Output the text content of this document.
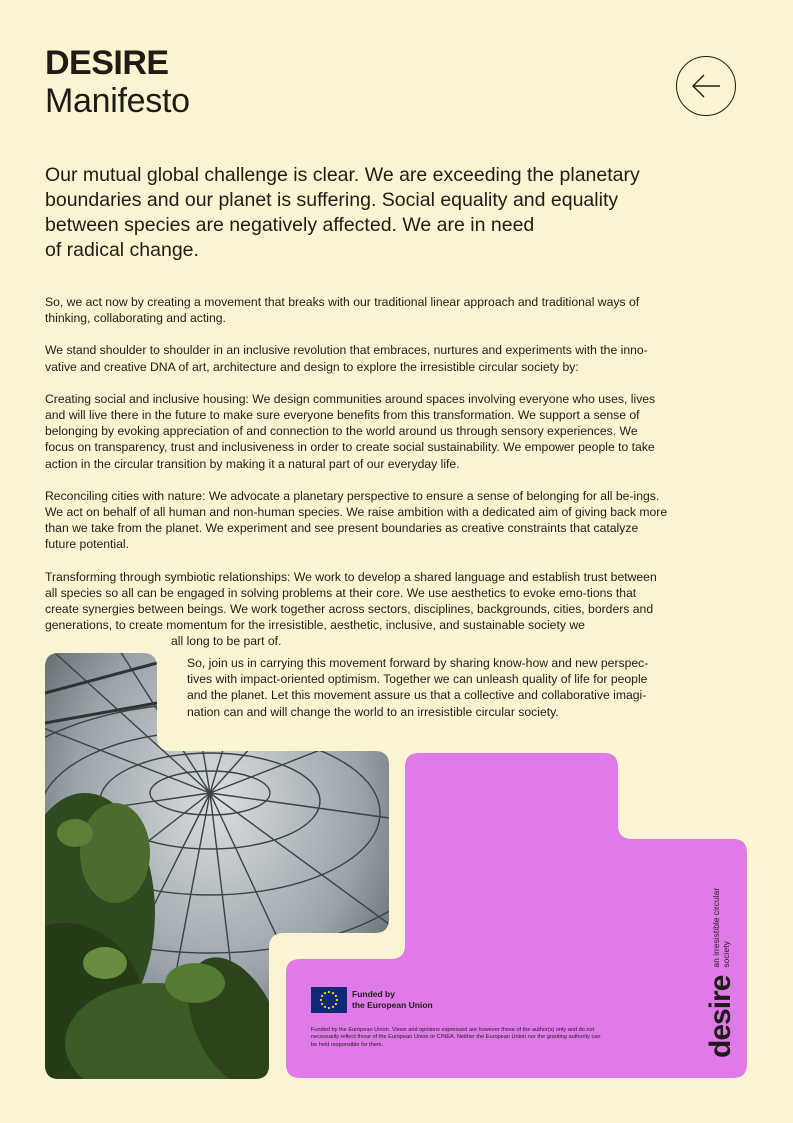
DESIRE
Manifesto

Our mutual global challenge is clear. We are exceeding the planetary
boundaries and our planet is suffering. Social equality and equality
between species are negatively affected. We are in need
of radical change.

So, we act now by creating a movement that breaks with our traditional linear approach and traditional ways of thinking, collaborating and acting.

We stand shoulder to shoulder in an inclusive revolution that embraces, nurtures and experiments with the inno-vative and creative DNA of art, architecture and design to explore the irresistible circular society by:

Creating social and inclusive housing: We design communities around spaces involving everyone who uses, lives and will live there in the future to make sure everyone benefits from this transformation. We support a sense of belonging by evoking appreciation of and connection to the world around us through sensory experiences. We focus on transparency, trust and inclusiveness in order to create social sustainability. We empower people to take action in the circular transition by making it a natural part of our everyday life.

Reconciling cities with nature: We advocate a planetary perspective to ensure a sense of belonging for all be-ings. We act on behalf of all human and non-human species. We raise ambition with a dedicated aim of giving back more than we take from the planet. We experiment and see present boundaries as creative constraints that catalyze future potential.

Transforming through symbiotic relationships: We work to develop a shared language and establish trust between all species so all can be engaged in solving problems at their core. We use aesthetics to evoke emo-tions that create synergies between beings. We work together across sectors, disciplines, backgrounds, cities, borders and generations, to create momentum for the irresistible, aesthetic, inclusive, and sustainable society we
all long to be part of.

So, join us in carrying this movement forward by sharing know-how and new perspec-tives with impact-oriented optimism. Together we can unleash quality of life for people and the planet. Let this movement assure us that a collective and collaborative imagi-nation can and will change the world to an irresistible circular society.

Funded by
the European Union
Funded by the European Union. Views and opinions expressed are however those of the author(s) only and do not necessarily reflect those of the European Union or CINEA. Neither the European Union nor the granting authority can be held responsible for them.	desire
an irresistible circular society
